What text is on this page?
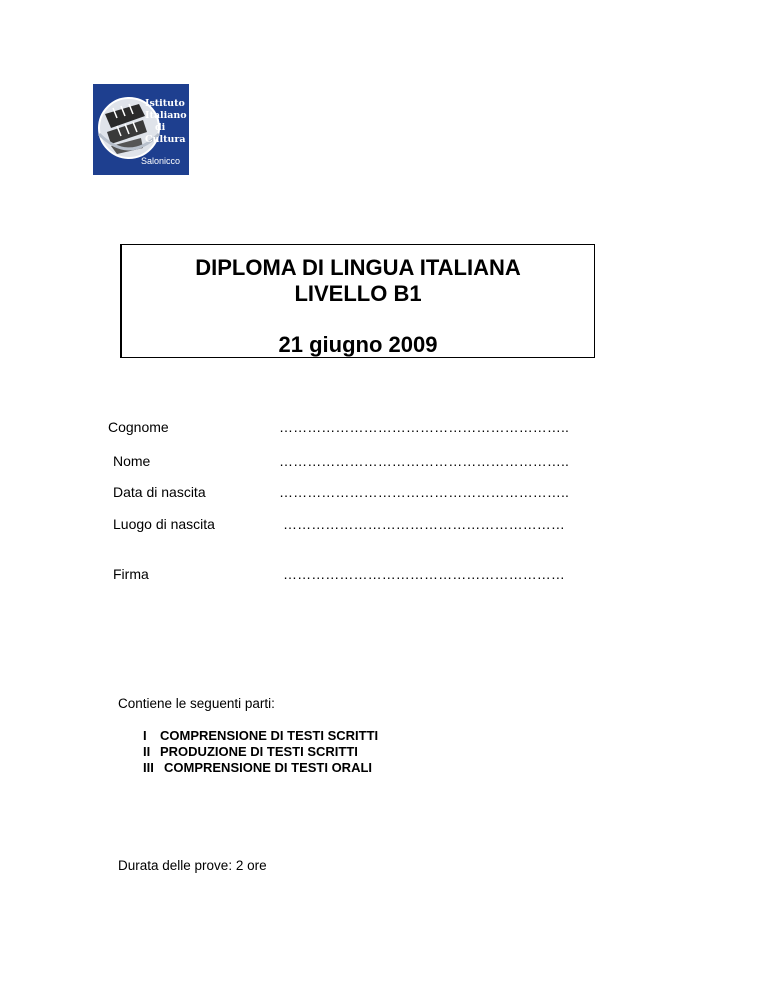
Istituto
Italiano
di
Cultura
Salonicco
DIPLOMA DI LINGUA ITALIANA
LIVELLO B1
21 giugno 2009
Cognome	……………………………………………………..
Nome	……………………………………………………..
Data di nascita	……………………………………………………..
Luogo di nascita	……………………………………………………
Firma	……………………………………………………
Contiene le seguenti parti:
I	COMPRENSIONE DI TESTI SCRITTI
II PRODUZIONE DI TESTI SCRITTI
III COMPRENSIONE DI TESTI ORALI
Durata delle prove: 2 ore
